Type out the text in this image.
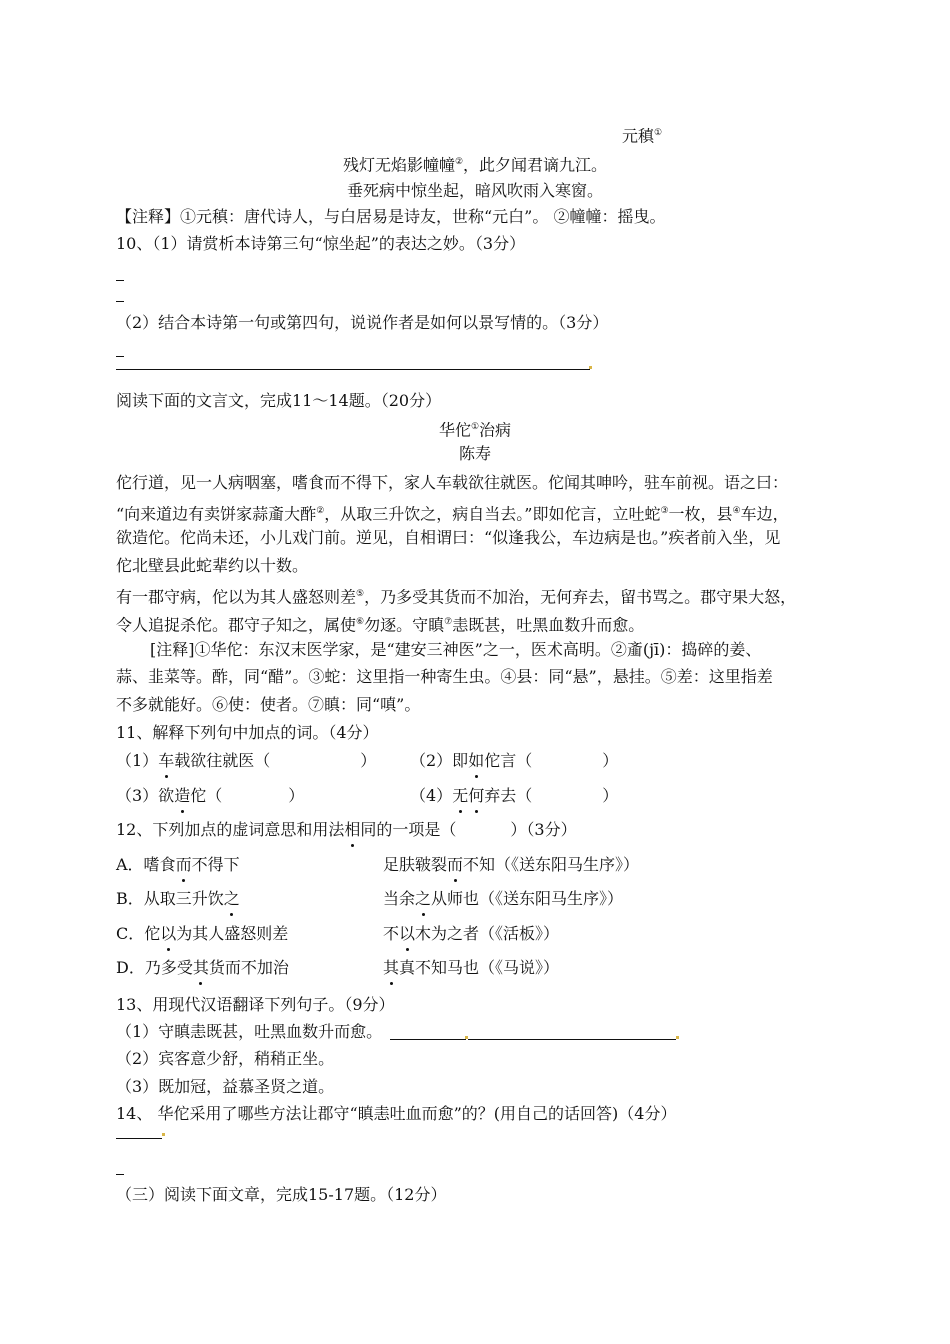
元稹①
残灯无焰影幢幢②，此夕闻君谪九江。
垂死病中惊坐起，暗风吹雨入寒窗。
【注释】①元稹：唐代诗人，与白居易是诗友，世称“元白”。 ②幢幢：摇曳。
10、（1）请赏析本诗第三句“惊坐起”的表达之妙。（3分）
（2）结合本诗第一句或第四句，说说作者是如何以景写情的。（3分）
阅读下面的文言文，完成11～14题。（20分）
华佗①治病
陈寿
佗行道，见一人病咽塞，嗜食而不得下，家人车载欲往就医。佗闻其呻吟，驻车前视。语之曰：
“向来道边有卖饼家蒜齑大酢②，从取三升饮之，病自当去。”即如佗言，立吐蛇③一枚，县④车边，
欲造佗。佗尚未还，小儿戏门前。逆见，自相谓曰：“似逢我公，车边病是也。”疾者前入坐，见
佗北壁县此蛇辈约以十数。
有一郡守病，佗以为其人盛怒则差⑤，乃多受其货而不加治，无何弃去，留书骂之。郡守果大怒，
令人追捉杀佗。郡守子知之，属使⑥勿逐。守瞋⑦恚既甚，吐黑血数升而愈。
[注释]①华佗：东汉末医学家，是“建安三神医”之一，医术高明。②齑(jī)：捣碎的姜、
蒜、韭菜等。酢，同“醋”。③蛇：这里指一种寄生虫。④县：同“悬”，悬挂。⑤差：这里指差
不多就能好。⑥使：使者。⑦瞋：同“嗔”。
11、解释下列句中加点的词。（4分）
（1）车载欲往就医（	） （2）即如佗言（	）
（3）欲造佗（	）	（4）无何弃去（	）
12、下列加点的虚词意思和用法相同的一项是（	）（3分）
A．嗜食而不得下	足肤皲裂而不知（《送东阳马生序》）
B．从取三升饮之	当余之从师也（《送东阳马生序》）
C．佗以为其人盛怒则差	不以木为之者（《活板》）
D．乃多受其货而不加治	其真不知马也（《马说》）
13、用现代汉语翻译下列句子。（9分）
（1）守瞋恚既甚，吐黑血数升而愈。
（2）宾客意少舒，稍稍正坐。
（3）既加冠，益慕圣贤之道。
14、 华佗采用了哪些方法让郡守“瞋恚吐血而愈”的？(用自己的话回答)（4分）
（三）阅读下面文章，完成15-17题。（12分）
